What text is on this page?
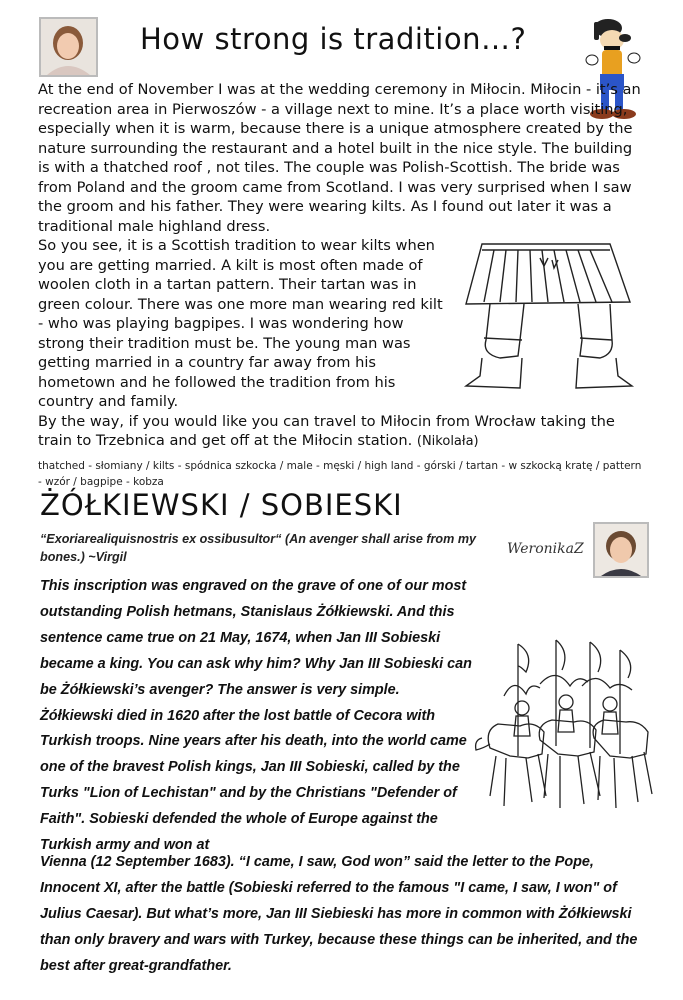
How strong is tradition…?

At the end of November I was at the wedding ceremony in Miłocin. Miłocin - it’s an recreation area in Pierwoszów - a village next to mine. It’s a place worth visiting, especially when it is warm, because there is a unique atmosphere created by the nature surrounding the restaurant and a hotel built in the nice style. The building is with a thatched roof , not tiles. The couple was Polish-Scottish. The bride was from Poland and the groom came from Scotland. I was very surprised when I saw the groom and his father. They were wearing kilts. As I found out later it was a traditional male highland dress.

So you see, it is a Scottish tradition to wear kilts when you are getting married. A kilt is most often made of woolen cloth in a tartan pattern. Their tartan was in green colour. There was one more man wearing red kilt - who was playing bagpipes. I was wondering how strong their tradition must be. The young man was getting married in a country far away from his hometown and he followed the tradition from his country and family.

By the way, if you would like you can travel to Miłocin from Wrocław taking the train to Trzebnica and get off at the Miłocin station. (Nikolała)

thatched - słomiany / kilts - spódnica szkocka / male - męski / high land - górski / tartan - w szkocką kratę / pattern - wzór / bagpipe - kobza
ŻÓŁKIEWSKI / SOBIESKI
“Exoriarealiquisnostris ex ossibusultor“ (An avenger shall arise from my bones.) ~Virgil	WeronikaZ

This inscription was engraved on the grave of one of our most outstanding Polish hetmans, Stanislaus Żółkiewski. And this sentence came true on 21 May, 1674, when Jan III Sobieski became a king. You can ask why him? Why Jan III Sobieski can be Żółkiewski’s avenger? The answer is very simple.

Żółkiewski died in 1620 after the lost battle of Cecora with Turkish troops. Nine years after his death, into the world came one of the bravest Polish kings, Jan III Sobieski, called by the Turks "Lion of Lechistan" and by the Christians "Defender of Faith". Sobieski defended the whole of Europe against the Turkish army and won at

Vienna (12 September 1683). “I came, I saw, God won” said the letter to the Pope, Innocent XI, after the battle (Sobieski referred to the famous "I came, I saw, I won" of Julius Caesar). But what’s more, Jan III Siebieski has more in common with Żółkiewski than only bravery and wars with Turkey, because these things can be inherited, and the best after great-grandfather.
